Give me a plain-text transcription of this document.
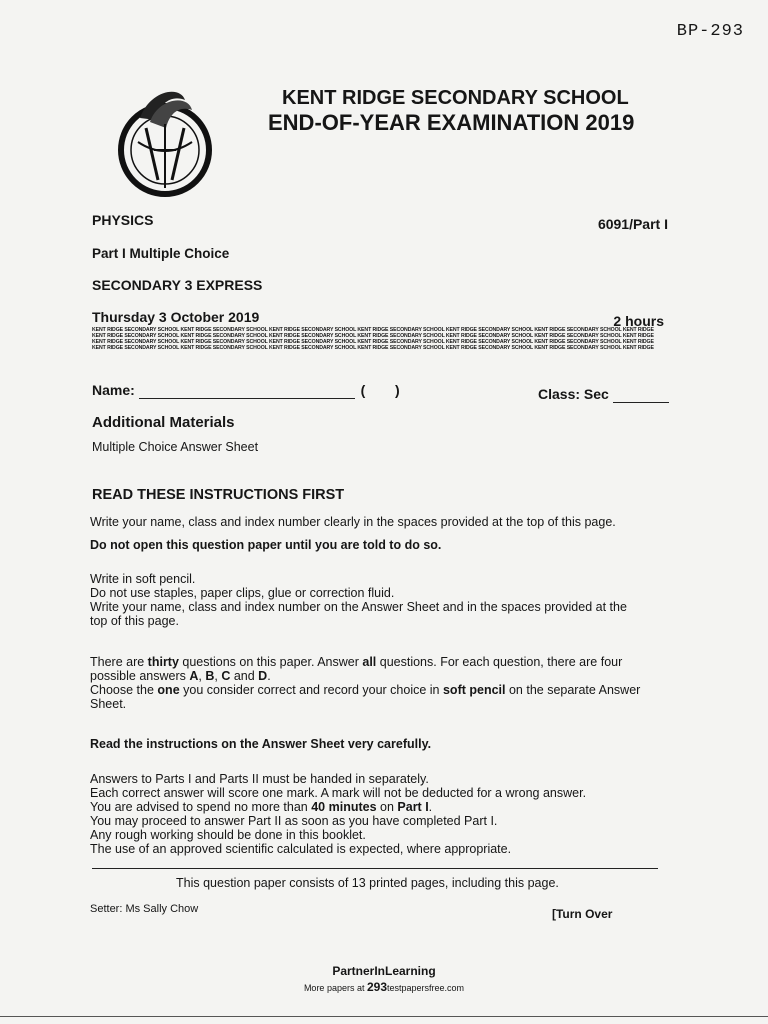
BP-293
KENT RIDGE SECONDARY SCHOOL
END-OF-YEAR EXAMINATION 2019
PHYSICS	6091/Part I
Part I Multiple Choice
SECONDARY 3 EXPRESS
Thursday 3 October 2019	2 hours
KENT RIDGE SECONDARY SCHOOL KENT RIDGE SECONDARY SCHOOL KENT RIDGE SECONDARY SCHOOL KENT RIDGE SECONDARY SCHOOL KENT RIDGE SECONDARY SCHOOL KENT RIDGE SECONDARY SCHOOL KENT RIDGE
KENT RIDGE SECONDARY SCHOOL KENT RIDGE SECONDARY SCHOOL KENT RIDGE SECONDARY SCHOOL KENT RIDGE SECONDARY SCHOOL KENT RIDGE SECONDARY SCHOOL KENT RIDGE SECONDARY SCHOOL KENT RIDGE
KENT RIDGE SECONDARY SCHOOL KENT RIDGE SECONDARY SCHOOL KENT RIDGE SECONDARY SCHOOL KENT RIDGE SECONDARY SCHOOL KENT RIDGE SECONDARY SCHOOL KENT RIDGE SECONDARY SCHOOL KENT RIDGE
KENT RIDGE SECONDARY SCHOOL KENT RIDGE SECONDARY SCHOOL KENT RIDGE SECONDARY SCHOOL KENT RIDGE SECONDARY SCHOOL KENT RIDGE SECONDARY SCHOOL KENT RIDGE SECONDARY SCHOOL KENT RIDGE
Name:	( )	Class: Sec
Additional Materials
Multiple Choice Answer Sheet
READ THESE INSTRUCTIONS FIRST
Write your name, class and index number clearly in the spaces provided at the top of this page.
Do not open this question paper until you are told to do so.
Write in soft pencil.
Do not use staples, paper clips, glue or correction fluid.
Write your name, class and index number on the Answer Sheet and in the spaces provided at the
top of this page.
There are thirty questions on this paper. Answer all questions. For each question, there are four
possible answers A, B, C and D.
Choose the one you consider correct and record your choice in soft pencil on the separate Answer
Sheet.
Read the instructions on the Answer Sheet very carefully.
Answers to Parts I and Parts II must be handed in separately.
Each correct answer will score one mark. A mark will not be deducted for a wrong answer.
You are advised to spend no more than 40 minutes on Part I.
You may proceed to answer Part II as soon as you have completed Part I.
Any rough working should be done in this booklet.
The use of an approved scientific calculated is expected, where appropriate.
This question paper consists of 13 printed pages, including this page.
Setter: Ms Sally Chow	[Turn Over
PartnerInLearning
More papers at 293testpapersfree.com
